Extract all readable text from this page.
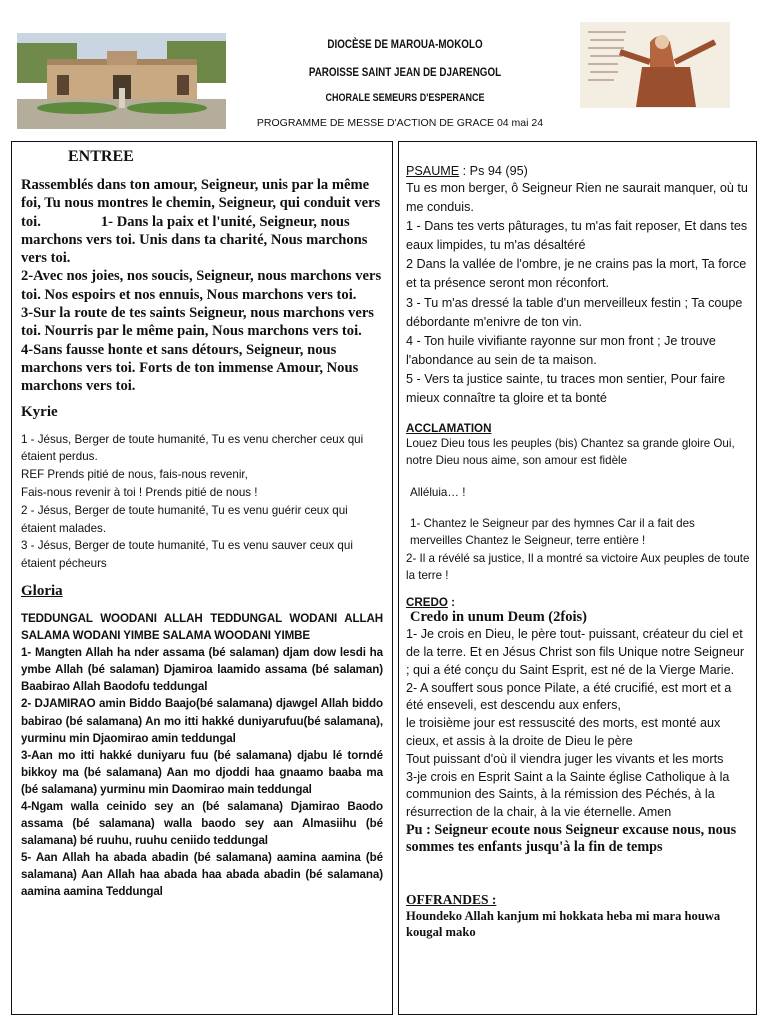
DIOCÈSE DE MAROUA-MOKOLO
PAROISSE SAINT JEAN DE DJARENGOL
CHORALE SEMEURS D'ESPERANCE
PROGRAMME DE MESSE D'ACTION DE GRACE 04 mai 24
ENTREE

Rassemblés dans ton amour, Seigneur, unis par la même foi, Tu nous montres le chemin, Seigneur, qui conduit vers toi.	1- Dans la paix et l'unité, Seigneur, nous marchons vers toi. Unis dans ta charité, Nous marchons vers toi.

2-Avec nos joies, nos soucis, Seigneur, nous marchons vers toi. Nos espoirs et nos ennuis, Nous marchons vers toi.

3-Sur la route de tes saints Seigneur, nous marchons vers toi. Nourris par le même pain, Nous marchons vers toi.

4-Sans fausse honte et sans détours, Seigneur, nous marchons vers toi. Forts de ton immense Amour, Nous marchons vers toi.

Kyrie

1 - Jésus, Berger de toute humanité, Tu es venu chercher ceux qui étaient perdus.

REF Prends pitié de nous, fais-nous revenir,

Fais-nous revenir à toi ! Prends pitié de nous !

2 - Jésus, Berger de toute humanité, Tu es venu guérir ceux qui étaient malades.

3 - Jésus, Berger de toute humanité, Tu es venu sauver ceux qui étaient pécheurs

Gloria

TEDDUNGAL WOODANI ALLAH TEDDUNGAL WODANI ALLAH SALAMA WODANI YIMBE SALAMA WOODANI YIMBE

1- Mangten Allah ha nder assama (bé salaman) djam dow lesdi ha ymbe Allah (bé salaman) Djamiroa laamido assama (bé salaman) Baabirao Allah Baodofu teddungal

2- DJAMIRAO amin Biddo Baajo(bé salamana) djawgel Allah biddo babirao (bé salamana) An mo itti hakké duniyarufuu(bé salamana), yurminu min Djaomirao amin teddungal

3-Aan mo itti hakké duniyaru fuu (bé salamana) djabu lé torndé bikkoy ma (bé salamana) Aan mo djoddi haa gnaamo baaba ma (bé salamana) yurminu min Daomirao main teddungal

4-Ngam walla ceinido sey an (bé salamana) Djamirao Baodo assama (bé salamana) walla baodo sey aan Almasiihu (bé salamana) bé ruuhu, ruuhu ceniido teddungal

5- Aan Allah ha abada abadin (bé salamana) aamina aamina (bé salamana) Aan Allah haa abada haa abada abadin (bé salamana) aamina aamina Teddungal

PSAUME : Ps 94 (95)

Tu es mon berger, ô Seigneur Rien ne saurait manquer, où tu me conduis.

1 - Dans tes verts pâturages, tu m'as fait reposer, Et dans tes eaux limpides, tu m'as désaltéré

2 Dans la vallée de l'ombre, je ne crains pas la mort, Ta force et ta présence seront mon réconfort.

3 - Tu m'as dressé la table d'un merveilleux festin ; Ta coupe débordante m'enivre de ton vin.

4 - Ton huile vivifiante rayonne sur mon front ; Je trouve l'abondance au sein de ta maison.

5 - Vers ta justice sainte, tu traces mon sentier, Pour faire mieux connaître ta gloire et ta bonté

ACCLAMATION

Louez Dieu tous les peuples (bis) Chantez sa grande gloire Oui, notre Dieu nous aime, son amour est fidèle

Alléluia… !

1- Chantez le Seigneur par des hymnes Car il a fait des merveilles Chantez le Seigneur, terre entière !

2- Il a révélé sa justice, Il a montré sa victoire Aux peuples de toute la terre !

CREDO :
Credo in unum Deum (2fois)

1- Je crois en Dieu, le père tout- puissant, créateur du ciel et de la terre. Et en Jésus Christ son fils Unique notre Seigneur ; qui a été conçu du Saint Esprit, est né de la Vierge Marie.

2- A souffert sous ponce Pilate, a été crucifié, est mort et a été enseveli, est descendu aux enfers,

le troisième jour est ressuscité des morts, est monté aux cieux, et assis à la droite de Dieu le père

Tout puissant d'où il viendra juger les vivants et les morts

3-je crois en Esprit Saint a la Sainte église Catholique à la communion des Saints, à la rémission des Péchés, à la résurrection de la chair, à la vie éternelle. Amen

Pu : Seigneur ecoute nous Seigneur excause nous, nous sommes tes enfants jusqu'à la fin de temps

OFFRANDES :

Houndeko Allah kanjum mi hokkata heba mi mara houwa kougal mako
